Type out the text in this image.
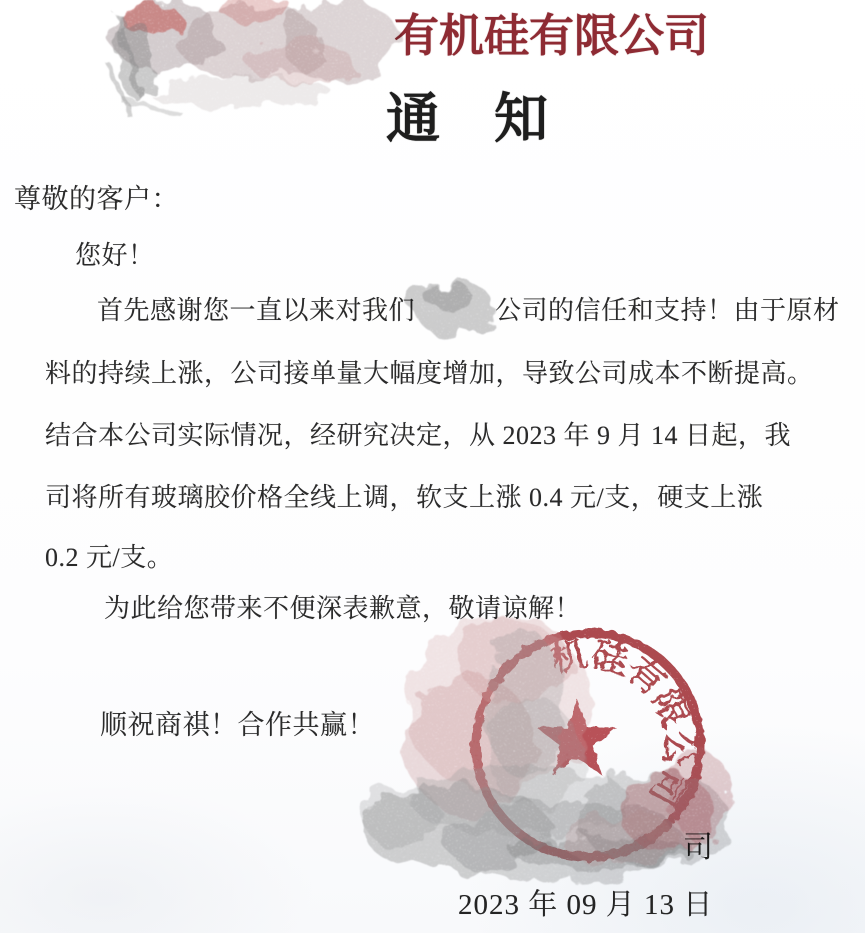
有机硅有限公司
通　知
尊敬的客户：
您好！
首先感谢您一直以来对我们	公司的信任和支持！由于原材
料的持续上涨，公司接单量大幅度增加，导致公司成本不断提高。
结合本公司实际情况，经研究决定，从 2023 年 9 月 14 日起，我
司将所有玻璃胶价格全线上调，软支上涨 0.4 元/支，硬支上涨
0.2 元/支。
为此给您带来不便深表歉意，敬请谅解！
顺祝商祺！合作共赢！
司
2023 年 09 月 13 日
机
硅
有
限
公
司
